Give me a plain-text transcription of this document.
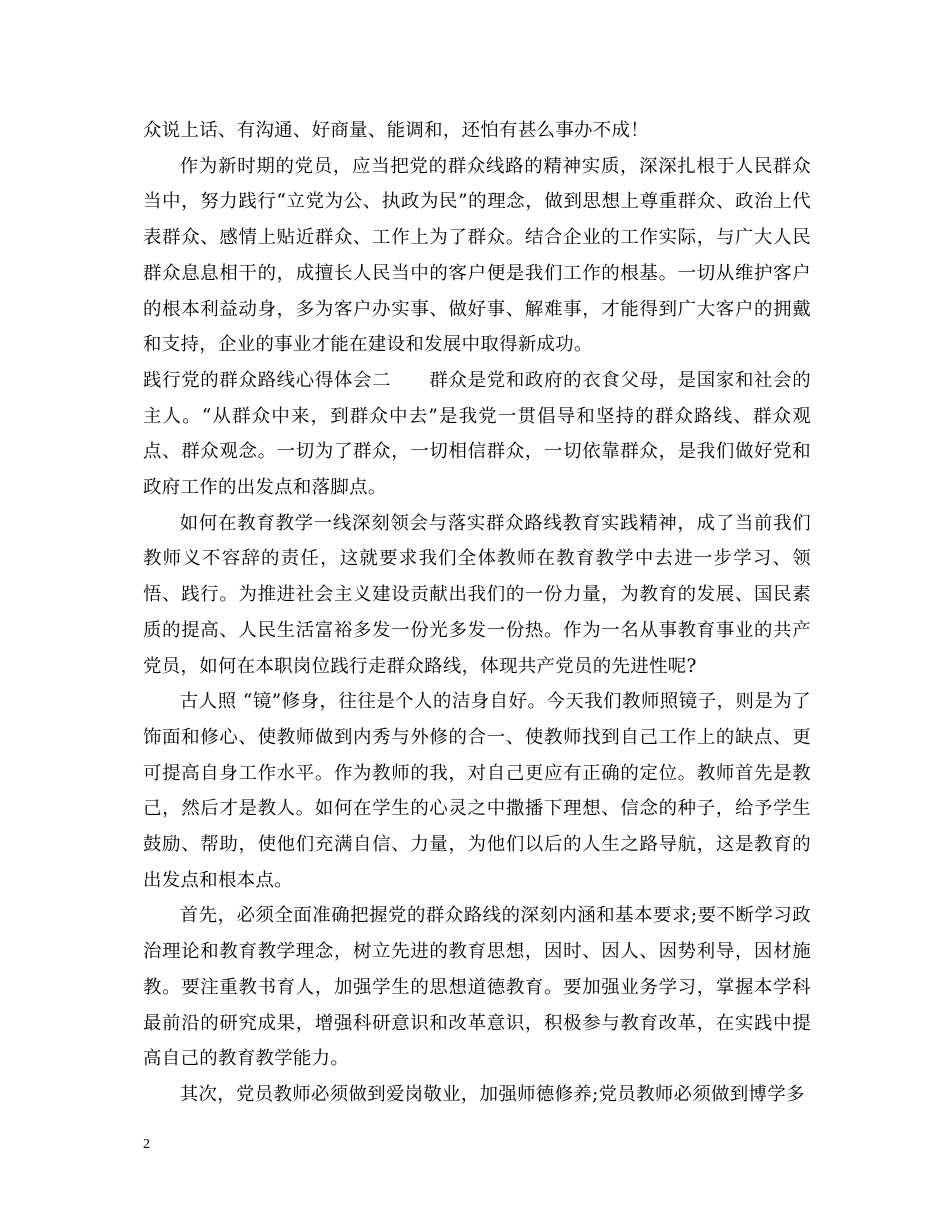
众说上话、有沟通、好商量、能调和，还怕有甚么事办不成！

作为新时期的党员，应当把党的群众线路的精神实质，深深扎根于人民群众当中，努力践行“立党为公、执政为民”的理念，做到思想上尊重群众、政治上代表群众、感情上贴近群众、工作上为了群众。结合企业的工作实际，与广大人民群众息息相干的，成擅长人民当中的客户便是我们工作的根基。一切从维护客户的根本利益动身，多为客户办实事、做好事、解难事，才能得到广大客户的拥戴和支持，企业的事业才能在建设和发展中取得新成功。

践行党的群众路线心得体会二　　群众是党和政府的衣食父母，是国家和社会的主人。“从群众中来，到群众中去”是我党一贯倡导和坚持的群众路线、群众观点、群众观念。一切为了群众，一切相信群众，一切依靠群众，是我们做好党和政府工作的出发点和落脚点。

如何在教育教学一线深刻领会与落实群众路线教育实践精神，成了当前我们教师义不容辞的责任，这就要求我们全体教师在教育教学中去进一步学习、领悟、践行。为推进社会主义建设贡献出我们的一份力量，为教育的发展、国民素质的提高、人民生活富裕多发一份光多发一份热。作为一名从事教育事业的共产党员，如何在本职岗位践行走群众路线，体现共产党员的先进性呢?

古人照 “镜”修身，往往是个人的洁身自好。今天我们教师照镜子，则是为了饰面和修心、使教师做到内秀与外修的合一、使教师找到自己工作上的缺点、更可提高自身工作水平。作为教师的我，对自己更应有正确的定位。教师首先是教己，然后才是教人。如何在学生的心灵之中撒播下理想、信念的种子，给予学生鼓励、帮助，使他们充满自信、力量，为他们以后的人生之路导航，这是教育的出发点和根本点。

首先，必须全面准确把握党的群众路线的深刻内涵和基本要求;要不断学习政治理论和教育教学理念，树立先进的教育思想，因时、因人、因势利导，因材施教。要注重教书育人，加强学生的思想道德教育。要加强业务学习，掌握本学科最前沿的研究成果，增强科研意识和改革意识，积极参与教育改革，在实践中提高自己的教育教学能力。

其次，党员教师必须做到爱岗敬业，加强师德修养;党员教师必须做到博学多

2
